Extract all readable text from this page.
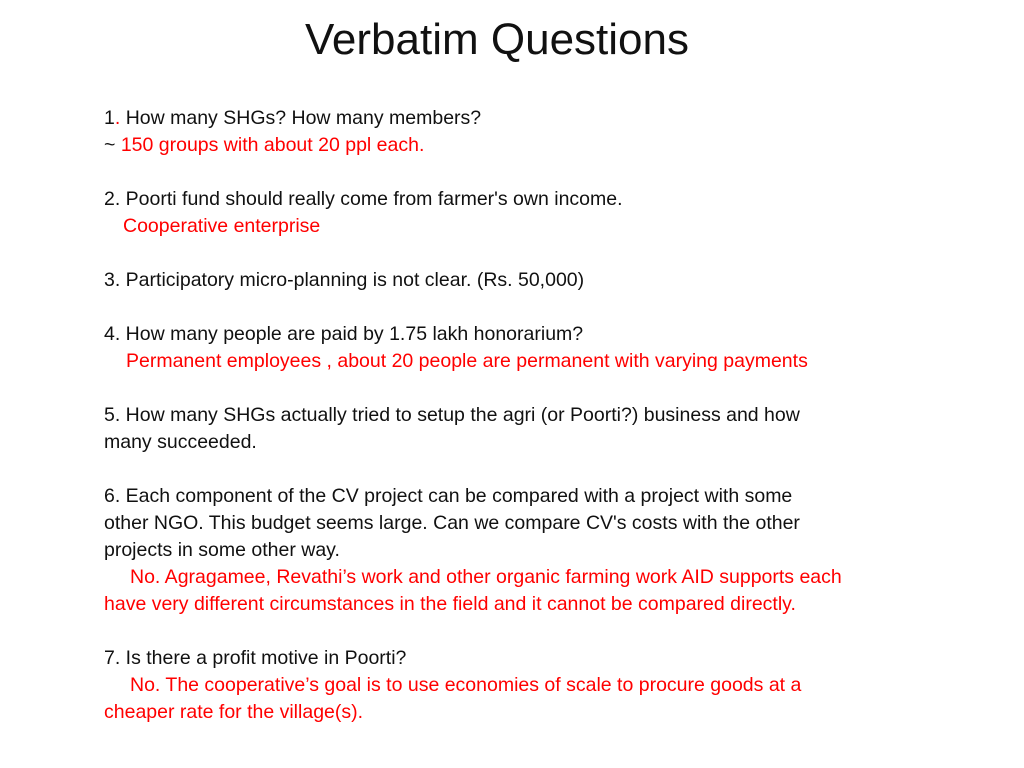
Verbatim Questions
1. How many SHGs? How many members?
~ 150 groups with about 20 ppl each.
2. Poorti fund should really come from farmer's own income.
Cooperative enterprise
3. Participatory micro-planning is not clear. (Rs. 50,000)
4. How many people are paid by 1.75 lakh honorarium?
Permanent employees , about 20 people are permanent with varying payments
5. How many SHGs actually tried to setup the agri (or Poorti?) business and how
many succeeded.
6. Each component of the CV project can be compared with a project with some
other NGO. This budget seems large. Can we compare CV's costs with the other
projects in some other way.
No. Agragamee, Revathi’s work and other organic farming work AID supports each
have very different circumstances in the field and it cannot be compared directly.
7. Is there a profit motive in Poorti?
No. The cooperative’s goal is to use economies of scale to procure goods at a
cheaper rate for the village(s).
